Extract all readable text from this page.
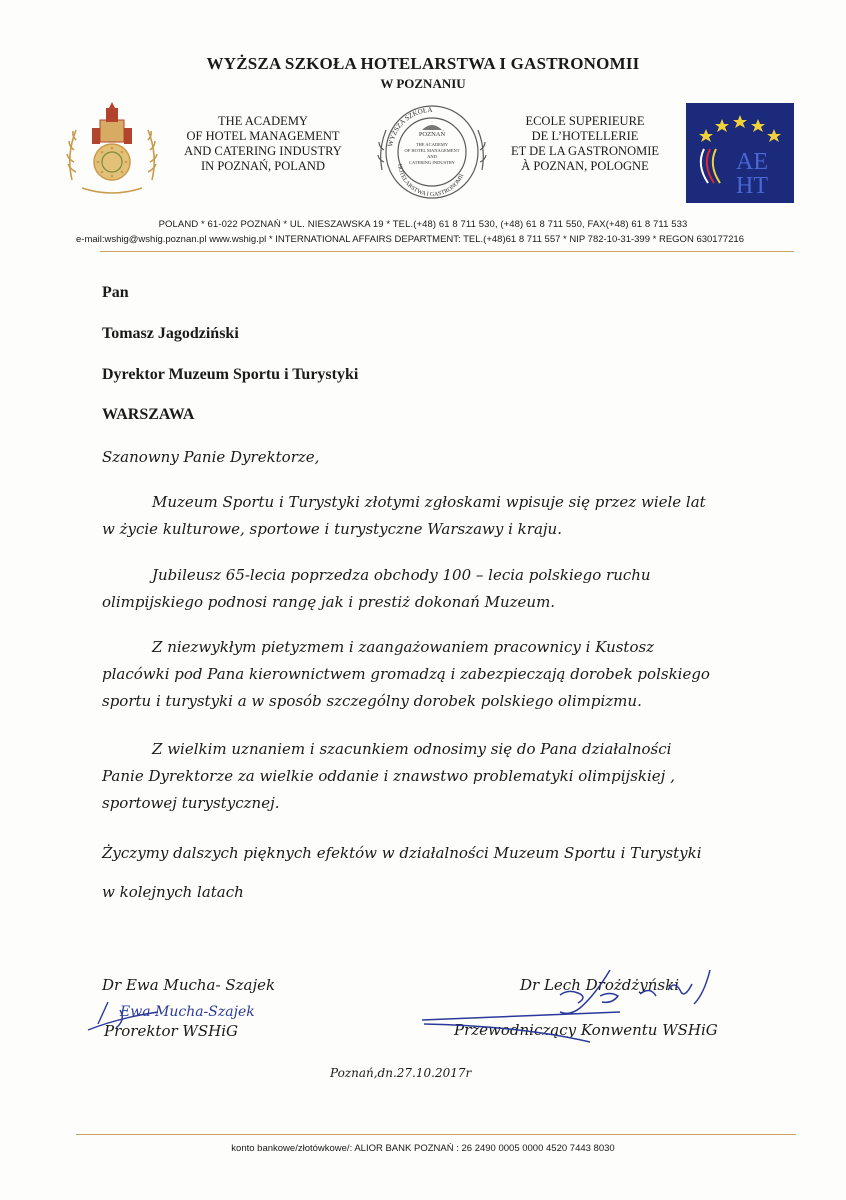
WYŻSZA SZKOŁA HOTELARSTWA I GASTRONOMII
W POZNANIU
THE ACADEMY
OF HOTEL MANAGEMENT
AND CATERING INDUSTRY
IN POZNAŃ, POLAND
WYŻSZA SZKOŁA
HOTELARSTWA I GASTRONOMII
POZNAŃ
THE ACADEMY
OF HOTEL MANAGEMENT
AND
CATERING INDUSTRY
ECOLE SUPERIEURE
DE L’HOTELLERIE
ET DE LA GASTRONOMIE
À POZNAN, POLOGNE	AE
HT
POLAND * 61-022 POZNAŃ * UL. NIESZAWSKA 19 * TEL.(+48) 61 8 711 530, (+48) 61 8 711 550, FAX(+48) 61 8 711 533
e-mail:wshig@wshig.poznan.pl www.wshig.pl * INTERNATIONAL AFFAIRS DEPARTMENT: TEL.(+48)61 8 711 557 * NIP 782-10-31-399 * REGON 630177216
Pan
Tomasz Jagodziński
Dyrektor Muzeum Sportu i Turystyki
WARSZAWA

Szanowny Panie Dyrektorze,

Muzeum Sportu i Turystyki złotymi zgłoskami wpisuje się przez wiele lat

w życie kulturowe, sportowe i turystyczne Warszawy i kraju.

Jubileusz 65-lecia poprzedza obchody 100 – lecia polskiego ruchu

olimpijskiego podnosi rangę jak i prestiż dokonań Muzeum.

Z niezwykłym pietyzmem i zaangażowaniem pracownicy i Kustosz

placówki pod Pana kierownictwem gromadzą i zabezpieczają dorobek polskiego

sportu i turystyki a w sposób szczególny dorobek polskiego olimpizmu.

Z wielkim uznaniem i szacunkiem odnosimy się do Pana działalności

Panie Dyrektorze za wielkie oddanie i znawstwo problematyki olimpijskiej ,

sportowej turystycznej.

Życzymy dalszych pięknych efektów w działalności Muzeum Sportu i Turystyki

w kolejnych latach

Dr Ewa Mucha- Szajek
Prorektor WSHiG
Ewa Mucha-Szajek
Dr Lech Drożdżyński
Przewodniczący Konwentu WSHiG
Poznań,dn.27.10.2017r
konto bankowe/złotówkowe/: ALIOR BANK POZNAŃ : 26 2490 0005 0000 4520 7443 8030
